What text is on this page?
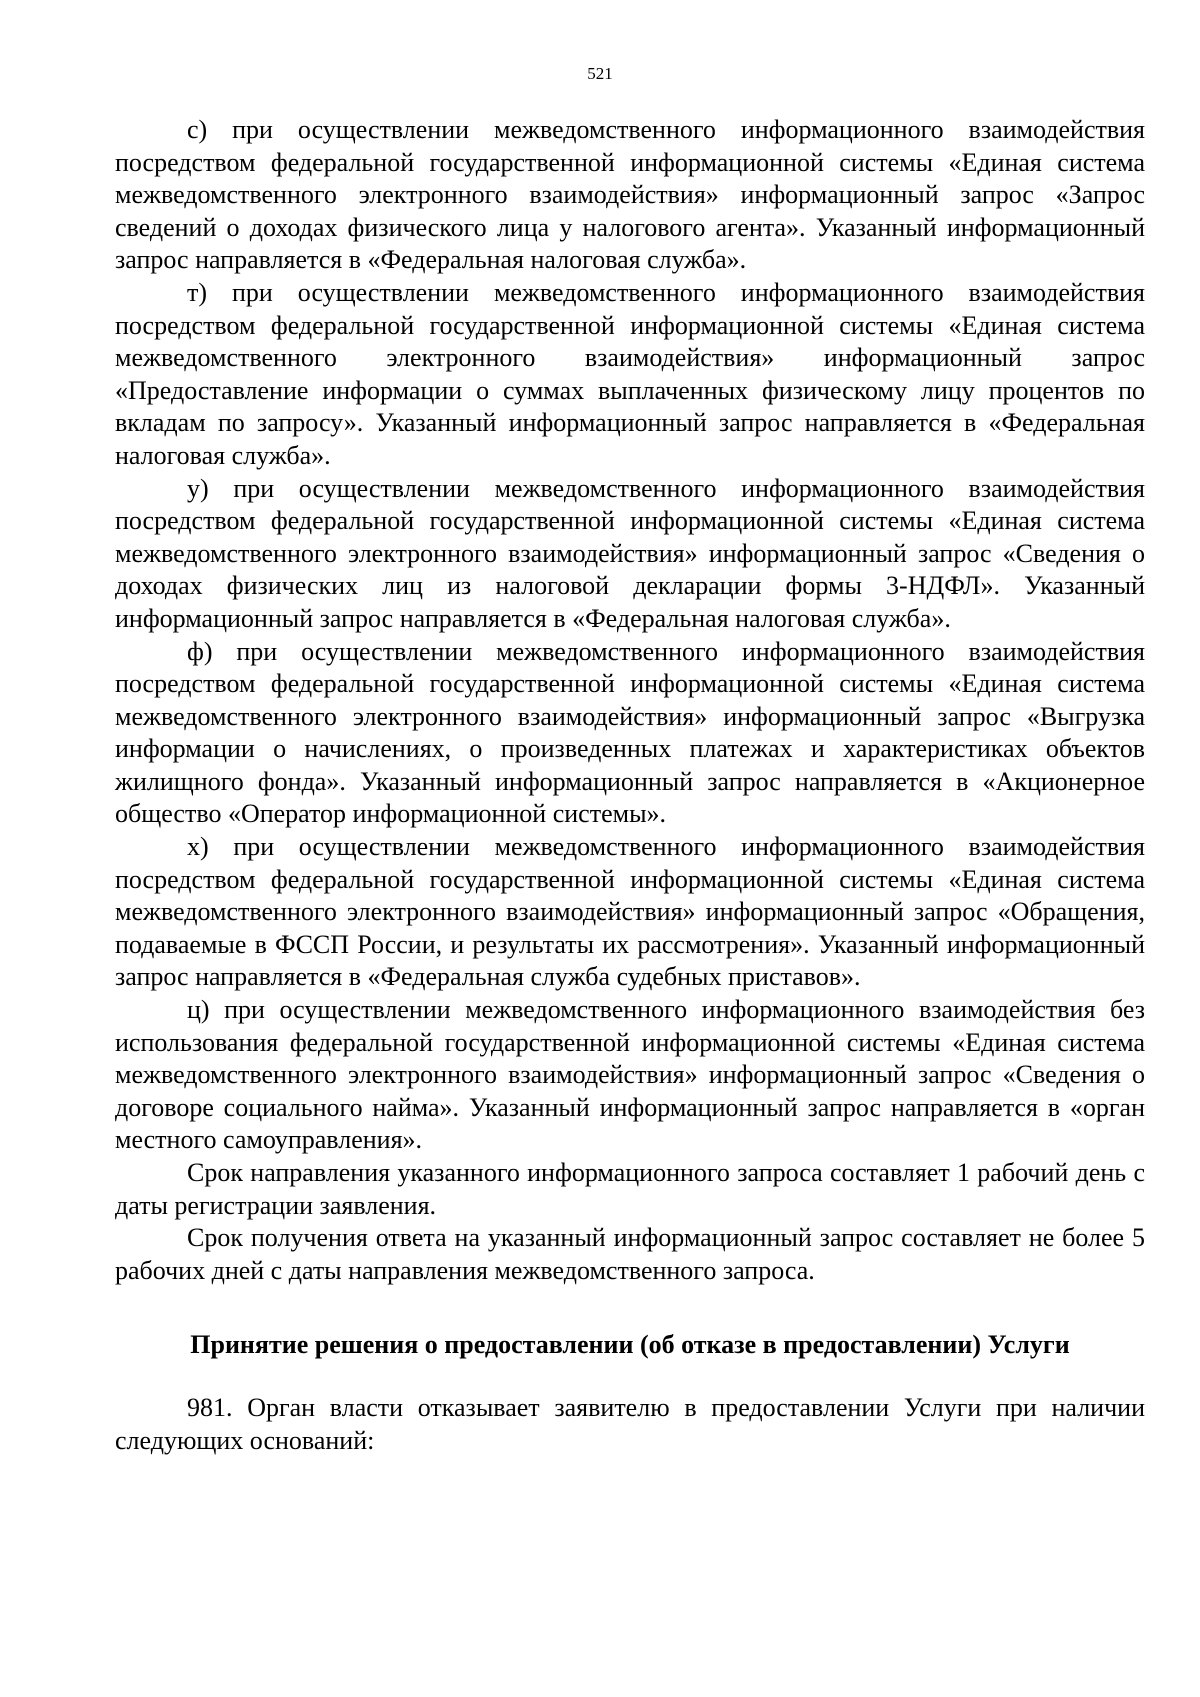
521

с) при осуществлении межведомственного информационного взаимодействия посредством федеральной государственной информационной системы «Единая система межведомственного электронного взаимодействия» информационный запрос «Запрос сведений о доходах физического лица у налогового агента». Указанный информационный запрос направляется в «Федеральная налоговая служба».

т) при осуществлении межведомственного информационного взаимодействия посредством федеральной государственной информационной системы «Единая система межведомственного электронного взаимодействия» информационный запрос «Предоставление информации о суммах выплаченных физическому лицу процентов по вкладам по запросу». Указанный информационный запрос направляется в «Федеральная налоговая служба».

у) при осуществлении межведомственного информационного взаимодействия посредством федеральной государственной информационной системы «Единая система межведомственного электронного взаимодействия» информационный запрос «Сведения о доходах физических лиц из налоговой декларации формы 3-НДФЛ». Указанный информационный запрос направляется в «Федеральная налоговая служба».

ф) при осуществлении межведомственного информационного взаимодействия посредством федеральной государственной информационной системы «Единая система межведомственного электронного взаимодействия» информационный запрос «Выгрузка информации о начислениях, о произведенных платежах и характеристиках объектов жилищного фонда». Указанный информационный запрос направляется в «Акционерное общество «Оператор информационной системы».

х) при осуществлении межведомственного информационного взаимодействия посредством федеральной государственной информационной системы «Единая система межведомственного электронного взаимодействия» информационный запрос «Обращения, подаваемые в ФССП России, и результаты их рассмотрения». Указанный информационный запрос направляется в «Федеральная служба судебных приставов».

ц) при осуществлении межведомственного информационного взаимодействия без использования федеральной государственной информационной системы «Единая система межведомственного электронного взаимодействия» информационный запрос «Сведения о договоре социального найма». Указанный информационный запрос направляется в «орган местного самоуправления».

Срок направления указанного информационного запроса составляет 1 рабочий день с даты регистрации заявления.

Срок получения ответа на указанный информационный запрос составляет не более 5 рабочих дней с даты направления межведомственного запроса.

Принятие решения о предоставлении (об отказе в предоставлении) Услуги

981. Орган власти отказывает заявителю в предоставлении Услуги при наличии следующих оснований:
